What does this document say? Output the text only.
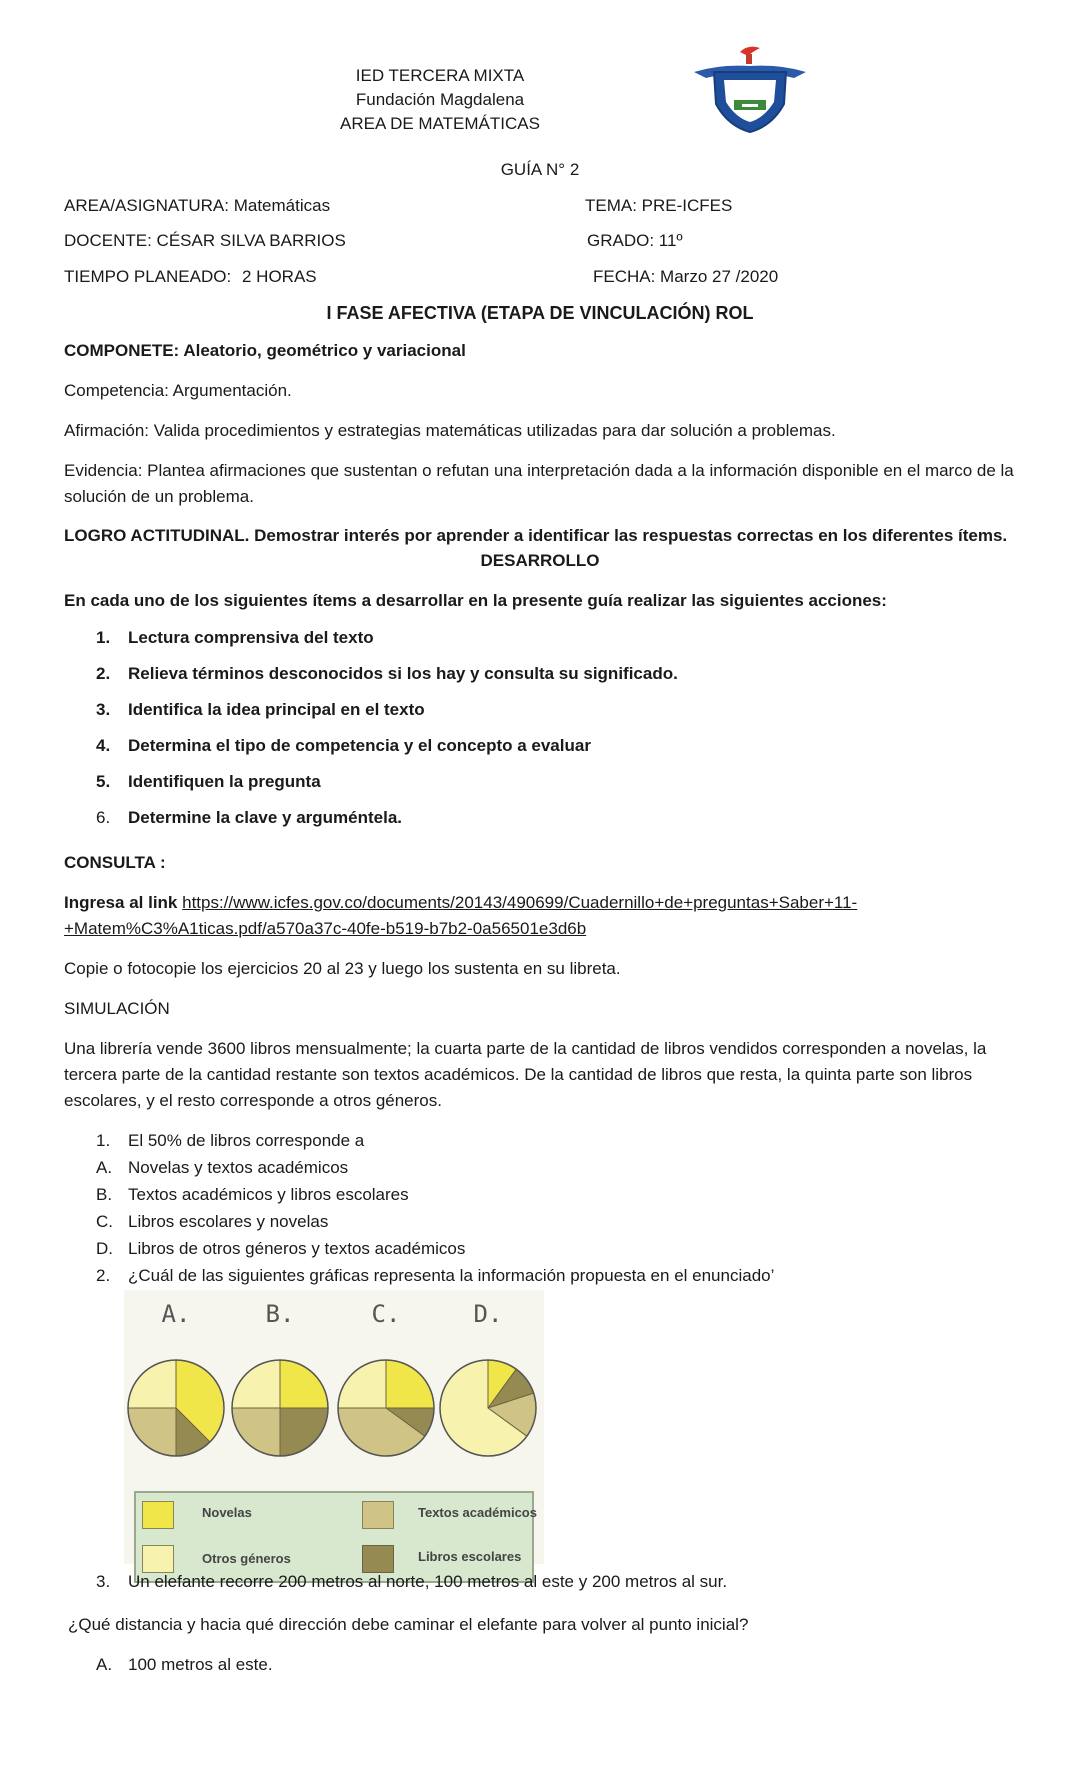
IED TERCERA MIXTA
Fundación Magdalena
AREA DE MATEMÁTICAS
GUÍA N° 2
AREA/ASIGNATURA: Matemáticas	TEMA: PRE-ICFES
DOCENTE: CÉSAR SILVA BARRIOS	GRADO: 11º
TIEMPO PLANEADO: 2 HORAS	FECHA: Marzo 27 /2020
I FASE AFECTIVA (ETAPA DE VINCULACIÓN) ROL
COMPONETE: Aleatorio, geométrico y variacional
Competencia: Argumentación.
Afirmación: Valida procedimientos y estrategias matemáticas utilizadas para dar solución a problemas.
Evidencia: Plantea afirmaciones que sustentan o refutan una interpretación dada a la información disponible en el marco de la solución de un problema.
LOGRO ACTITUDINAL. Demostrar interés por aprender a identificar las respuestas correctas en los diferentes ítems.
DESARROLLO
En cada uno de los siguientes ítems a desarrollar en la presente guía realizar las siguientes acciones:
1.	Lectura comprensiva del texto
2.	Relieva términos desconocidos si los hay y consulta su significado.
3.	Identifica la idea principal en el texto
4.	Determina el tipo de competencia y el concepto a evaluar
5.	Identifiquen la pregunta
6.	Determine la clave y arguméntela.
CONSULTA :
Ingresa al link https://www.icfes.gov.co/documents/20143/490699/Cuadernillo+de+preguntas+Saber+11-
+Matem%C3%A1ticas.pdf/a570a37c-40fe-b519-b7b2-0a56501e3d6b
Copie o fotocopie los ejercicios 20 al 23 y luego los sustenta en su libreta.
SIMULACIÓN
Una librería vende 3600 libros mensualmente; la cuarta parte de la cantidad de libros vendidos corresponden a novelas, la tercera parte de la cantidad restante son textos académicos. De la cantidad de libros que resta, la quinta parte son libros escolares, y el resto corresponde a otros géneros.
1.	El 50% de libros corresponde a
A. Novelas y textos académicos
B. Textos académicos y libros escolares
C. Libros escolares y novelas
D. Libros de otros géneros y textos académicos
2.	¿Cuál de las siguientes gráficas representa la información propuesta en el enunciado’
A.	B.	C.	D.
Novelas	Textos académicos
Otros géneros	Libros escolares
3.	Un elefante recorre 200 metros al norte, 100 metros al este y 200 metros al sur.
¿Qué distancia y hacia qué dirección debe caminar el elefante para volver al punto inicial?
A. 100 metros al este.
